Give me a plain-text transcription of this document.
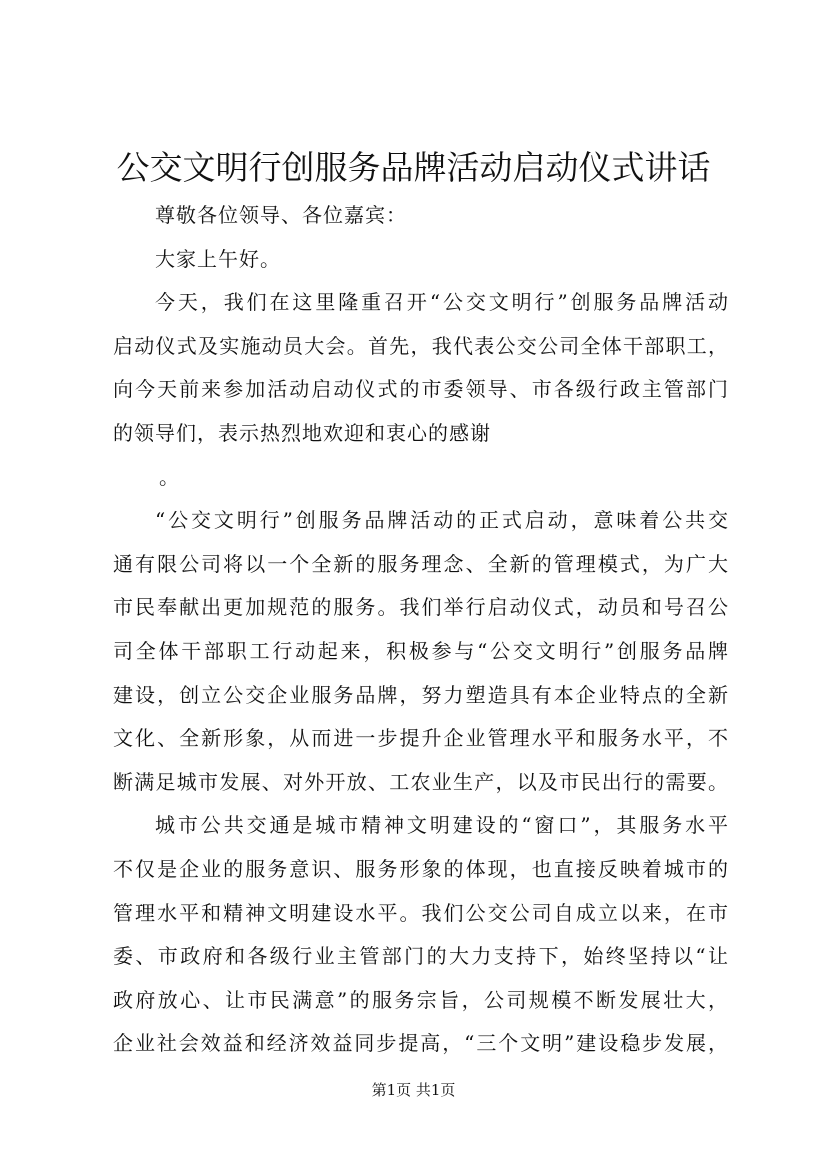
公交文明行创服务品牌活动启动仪式讲话
尊敬各位领导、各位嘉宾：
大家上午好。
今天，我们在这里隆重召开“公交文明行”创服务品牌活动
启动仪式及实施动员大会。首先，我代表公交公司全体干部职工，
向今天前来参加活动启动仪式的市委领导、市各级行政主管部门
的领导们，表示热烈地欢迎和衷心的感谢
。
“公交文明行”创服务品牌活动的正式启动，意味着公共交
通有限公司将以一个全新的服务理念、全新的管理模式，为广大
市民奉献出更加规范的服务。我们举行启动仪式，动员和号召公
司全体干部职工行动起来，积极参与“公交文明行”创服务品牌
建设，创立公交企业服务品牌，努力塑造具有本企业特点的全新
文化、全新形象，从而进一步提升企业管理水平和服务水平，不
断满足城市发展、对外开放、工农业生产，以及市民出行的需要。
城市公共交通是城市精神文明建设的“窗口”，其服务水平
不仅是企业的服务意识、服务形象的体现，也直接反映着城市的
管理水平和精神文明建设水平。我们公交公司自成立以来，在市
委、市政府和各级行业主管部门的大力支持下，始终坚持以“让
政府放心、让市民满意”的服务宗旨，公司规模不断发展壮大，
企业社会效益和经济效益同步提高，“三个文明”建设稳步发展，
第1页 共1页
